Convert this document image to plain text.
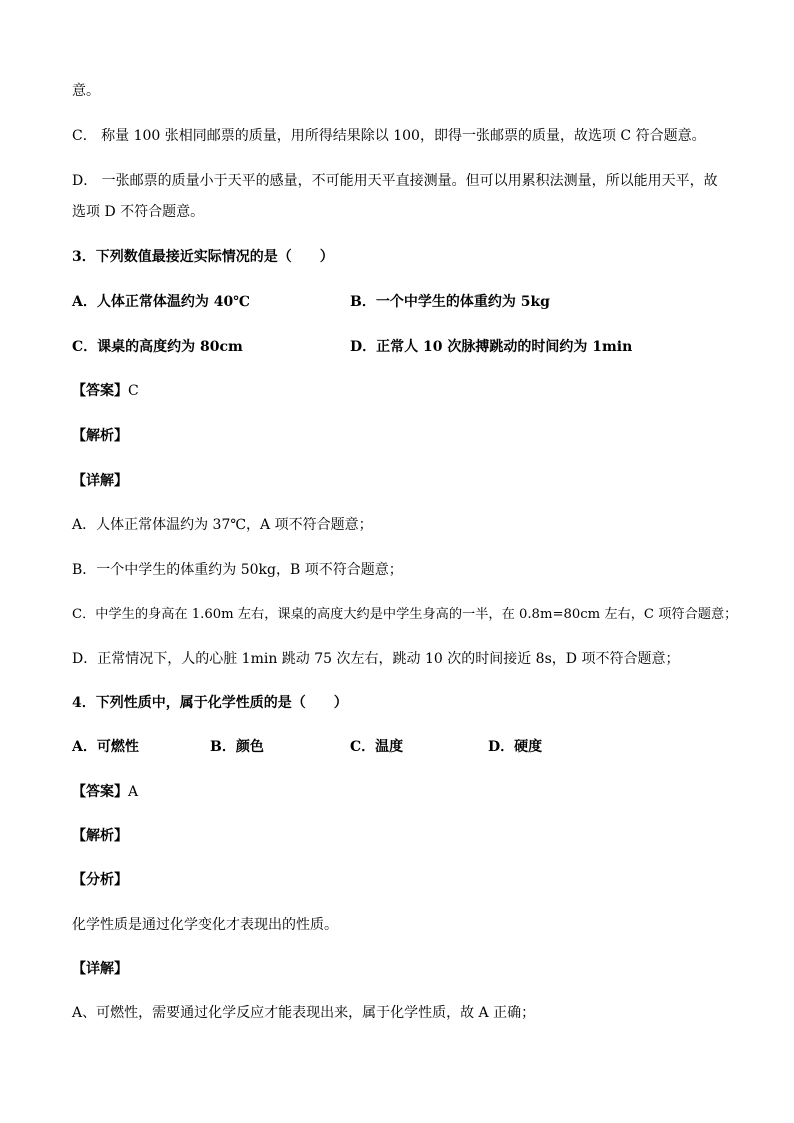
意。
C． 称量 100 张相同邮票的质量，用所得结果除以 100，即得一张邮票的质量，故选项 C 符合题意。
D． 一张邮票的质量小于天平的感量，不可能用天平直接测量。但可以用累积法测量，所以能用天平，故
选项 D 不符合题意。
3．下列数值最接近实际情况的是（　　）
A．人体正常体温约为 40℃	B．一个中学生的体重约为 5kg
C．课桌的高度约为 80cm	D．正常人 10 次脉搏跳动的时间约为 1min
【答案】C
【解析】
【详解】
A．人体正常体温约为 37℃，A 项不符合题意；
B．一个中学生的体重约为 50kg，B 项不符合题意；
C．中学生的身高在 1.60m 左右，课桌的高度大约是中学生身高的一半，在 0.8m=80cm 左右，C 项符合题意；
D．正常情况下，人的心脏 1min 跳动 75 次左右，跳动 10 次的时间接近 8s，D 项不符合题意；
4．下列性质中，属于化学性质的是（　　）
A．可燃性	B．颜色	C．温度	D．硬度
【答案】A
【解析】
【分析】
化学性质是通过化学变化才表现出的性质。
【详解】
A、可燃性，需要通过化学反应才能表现出来，属于化学性质，故 A 正确；
